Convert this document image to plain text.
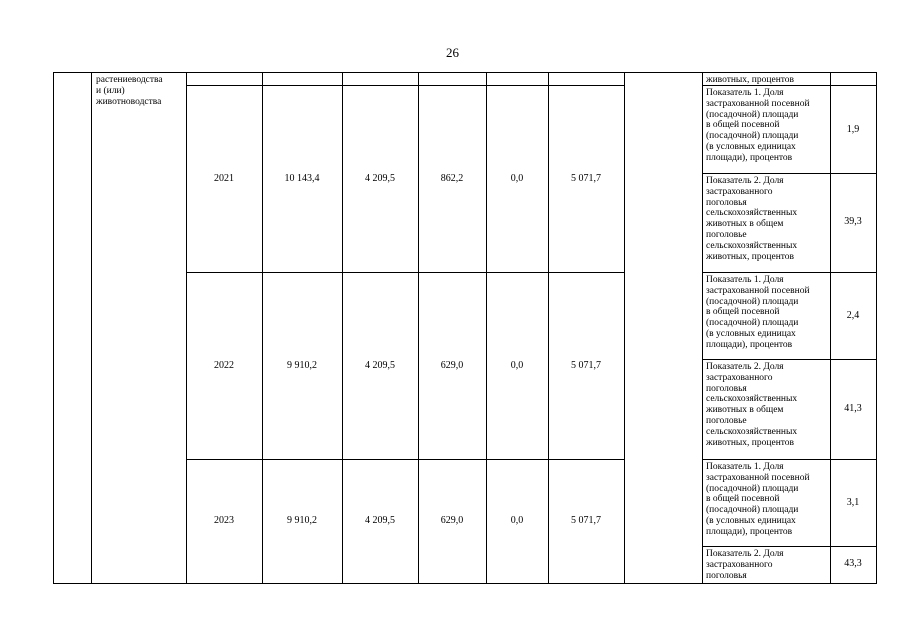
26
растениеводства
и (или)
животноводства
животных, процентов
2021	10 143,4	4 209,5	862,2	0,0	5 071,7
Показатель 1. Доля
застрахованной посевной
(посадочной) площади
в общей посевной
(посадочной) площади
(в условных единицах
площади), процентов
1,9
Показатель 2. Доля
застрахованного
поголовья
сельскохозяйственных
животных в общем
поголовье
сельскохозяйственных
животных, процентов
39,3
2022	9 910,2	4 209,5	629,0	0,0	5 071,7
Показатель 1. Доля
застрахованной посевной
(посадочной) площади
в общей посевной
(посадочной) площади
(в условных единицах
площади), процентов
2,4
Показатель 2. Доля
застрахованного
поголовья
сельскохозяйственных
животных в общем
поголовье
сельскохозяйственных
животных, процентов
41,3
2023	9 910,2	4 209,5	629,0	0,0	5 071,7
Показатель 1. Доля
застрахованной посевной
(посадочной) площади
в общей посевной
(посадочной) площади
(в условных единицах
площади), процентов
3,1
Показатель 2. Доля
застрахованного
поголовья
43,3
